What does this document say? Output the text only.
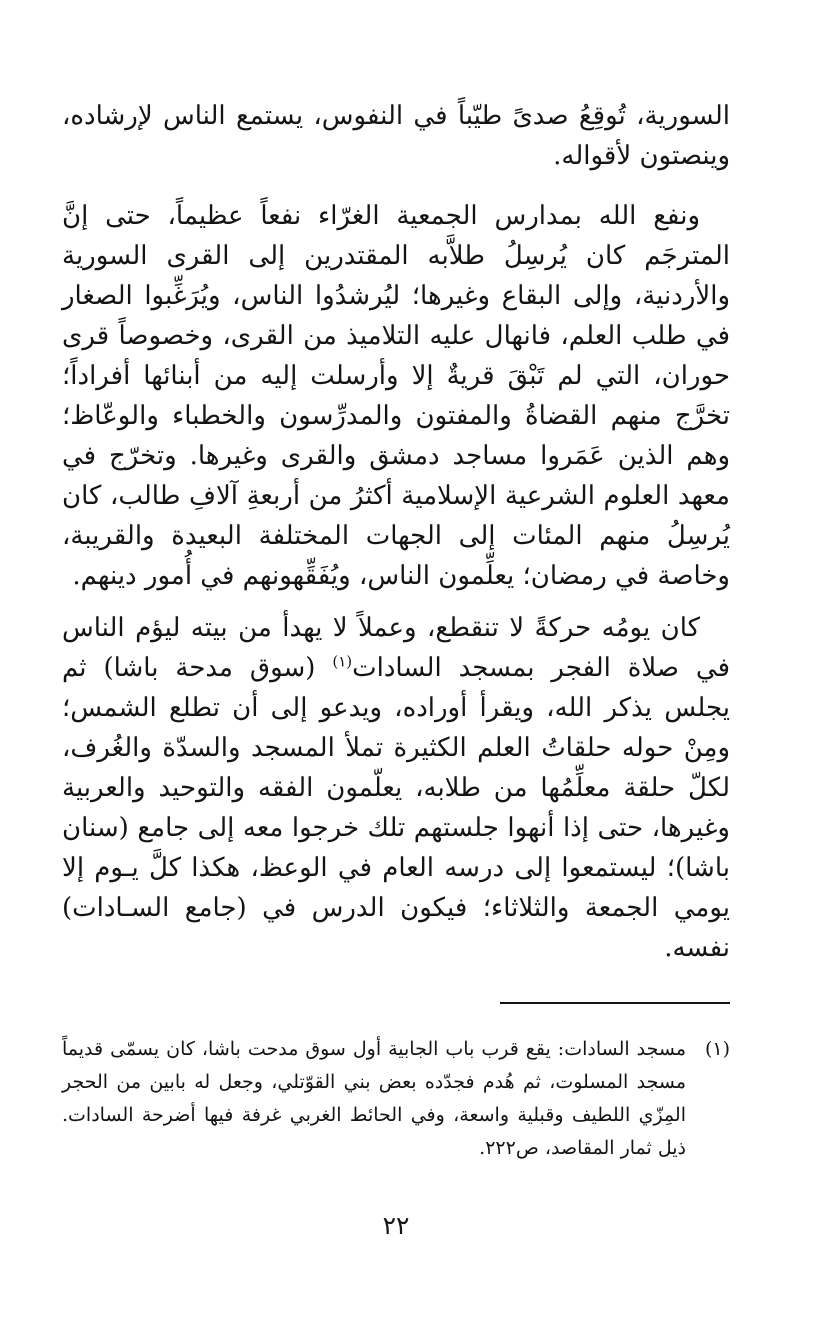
السورية، تُوقِعُ صدىً طيّباً في النفوس، يستمع الناس لإرشاده، وينصتون لأقواله.

ونفع الله بمدارس الجمعية الغرّاء نفعاً عظيماً، حتى إنَّ المترجَم كان يُرسِلُ طلاَّبه المقتدرين إلى القرى السورية والأردنية، وإلى البقاع وغيرها؛ ليُرشدُوا الناس، ويُرَغِّبوا الصغار في طلب العلم، فانهال عليه التلاميذ من القرى، وخصوصاً قرى حوران، التي لم تَبْقَ قريةٌ إلا وأرسلت إليه من أبنائها أفراداً؛ تخرَّج منهم القضاةُ والمفتون والمدرِّسون والخطباء والوعّاظ؛ وهم الذين عَمَروا مساجد دمشق والقرى وغيرها. وتخرّج في معهد العلوم الشرعية الإسلامية أكثرُ من أربعةِ آلافِ طالب، كان يُرسِلُ منهم المئات إلى الجهات المختلفة البعيدة والقريبة، وخاصة في رمضان؛ يعلِّمون الناس، ويُفَقِّهونهم في أُمور دينهم.

كان يومُه حركةً لا تنقطع، وعملاً لا يهدأ من بيته ليؤم الناس في صلاة الفجر بمسجد السادات$^{(١)}$ (سوق مدحة باشا) ثم يجلس يذكر الله، ويقرأ أوراده، ويدعو إلى أن تطلع الشمس؛ ومِنْ حوله حلقاتُ العلم الكثيرة تملأ المسجد والسدّة والغُرف، لكلّ حلقة معلِّمُها من طلابه، يعلّمون الفقه والتوحيد والعربية وغيرها، حتى إذا أنهوا جلستهم تلك خرجوا معه إلى جامع (سنان باشا)؛ ليستمعوا إلى درسه العام في الوعظ، هكذا كلَّ يـوم إلا يومي الجمعة والثلاثاء؛ فيكون الدرس في (جامع السـادات) نفسه.

(١)
مسجد السادات: يقع قرب باب الجابية أول سوق مدحت باشا، كان يسمّى قديماً مسجد المسلوت، ثم هُدم فجدّده بعض بني القوّتلي، وجعل له بابين من الحجر المِزّي اللطيف وقبلية واسعة، وفي الحائط الغربي غرفة فيها أضرحة السادات. ذيل ثمار المقاصد، ص٢٢٢.
٢٢
